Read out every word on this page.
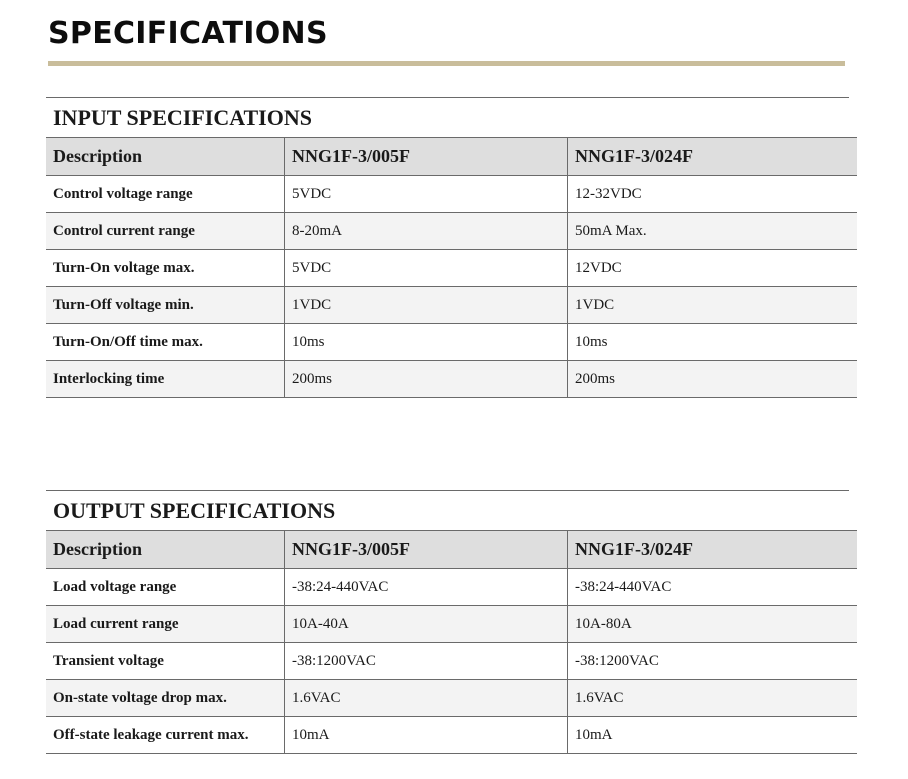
SPECIFICATIONS
INPUT SPECIFICATIONS
Description	NNG1F-3/005F	NNG1F-3/024F
Control voltage range	5VDC	12-32VDC
Control current range	8-20mA	50mA Max.
Turn-On voltage max.	5VDC	12VDC
Turn-Off voltage min.	1VDC	1VDC
Turn-On/Off time max.	10ms	10ms
Interlocking time	200ms	200ms
OUTPUT SPECIFICATIONS
Description	NNG1F-3/005F	NNG1F-3/024F
Load voltage range	-38:24-440VAC	-38:24-440VAC
Load current range	10A-40A	10A-80A
Transient voltage	-38:1200VAC	-38:1200VAC
On-state voltage drop max.	1.6VAC	1.6VAC
Off-state leakage current max.	10mA	10mA
